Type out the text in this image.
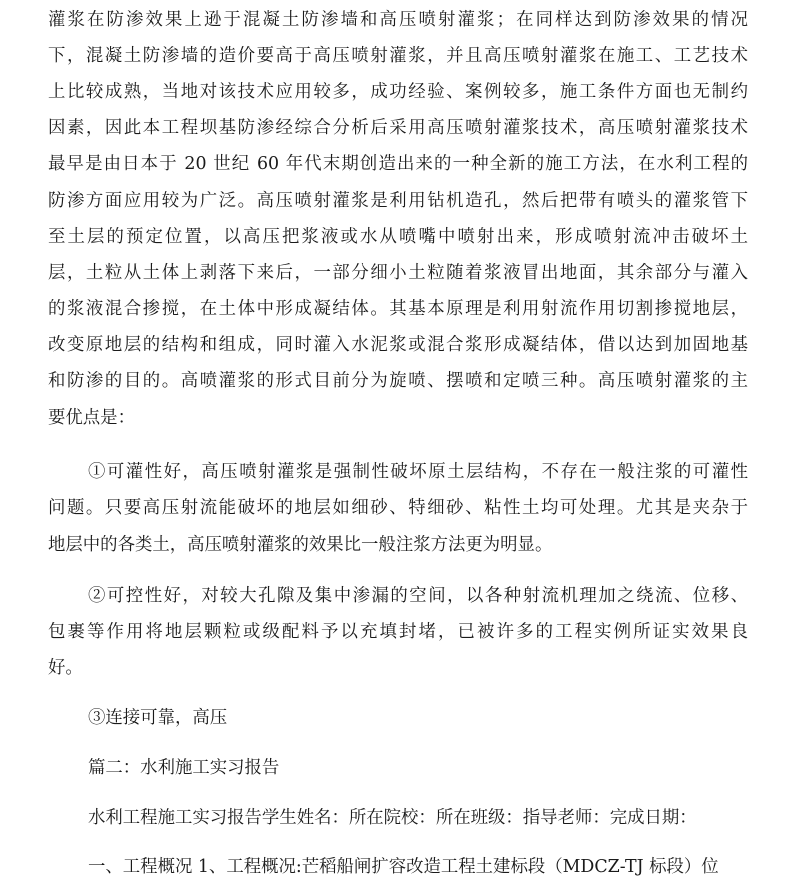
灌浆在防渗效果上逊于混凝土防渗墙和高压喷射灌浆；在同样达到防渗效果的情况
下，混凝土防渗墙的造价要高于高压喷射灌浆，并且高压喷射灌浆在施工、工艺技术
上比较成熟，当地对该技术应用较多，成功经验、案例较多，施工条件方面也无制约
因素，因此本工程坝基防渗经综合分析后采用高压喷射灌浆技术，高压喷射灌浆技术
最早是由日本于 20 世纪 60 年代末期创造出来的一种全新的施工方法，在水利工程的
防渗方面应用较为广泛。高压喷射灌浆是利用钻机造孔，然后把带有喷头的灌浆管下
至土层的预定位置，以高压把浆液或水从喷嘴中喷射出来，形成喷射流冲击破坏土
层，土粒从土体上剥落下来后，一部分细小土粒随着浆液冒出地面，其余部分与灌入
的浆液混合掺搅，在土体中形成凝结体。其基本原理是利用射流作用切割掺搅地层，
改变原地层的结构和组成，同时灌入水泥浆或混合浆形成凝结体，借以达到加固地基
和防渗的目的。高喷灌浆的形式目前分为旋喷、摆喷和定喷三种。高压喷射灌浆的主
要优点是：
①可灌性好，高压喷射灌浆是强制性破坏原土层结构，不存在一般注浆的可灌性
问题。只要高压射流能破坏的地层如细砂、特细砂、粘性土均可处理。尤其是夹杂于
地层中的各类土，高压喷射灌浆的效果比一般注浆方法更为明显。
②可控性好，对较大孔隙及集中渗漏的空间，以各种射流机理加之绕流、位移、
包裹等作用将地层颗粒或级配料予以充填封堵，已被许多的工程实例所证实效果良
好。
③连接可靠，高压
篇二：水利施工实习报告
水利工程施工实习报告学生姓名：所在院校：所在班级：指导老师：完成日期：
一、工程概况 1、工程概况:芒稻船闸扩容改造工程土建标段（MDCZ-TJ 标段）位
